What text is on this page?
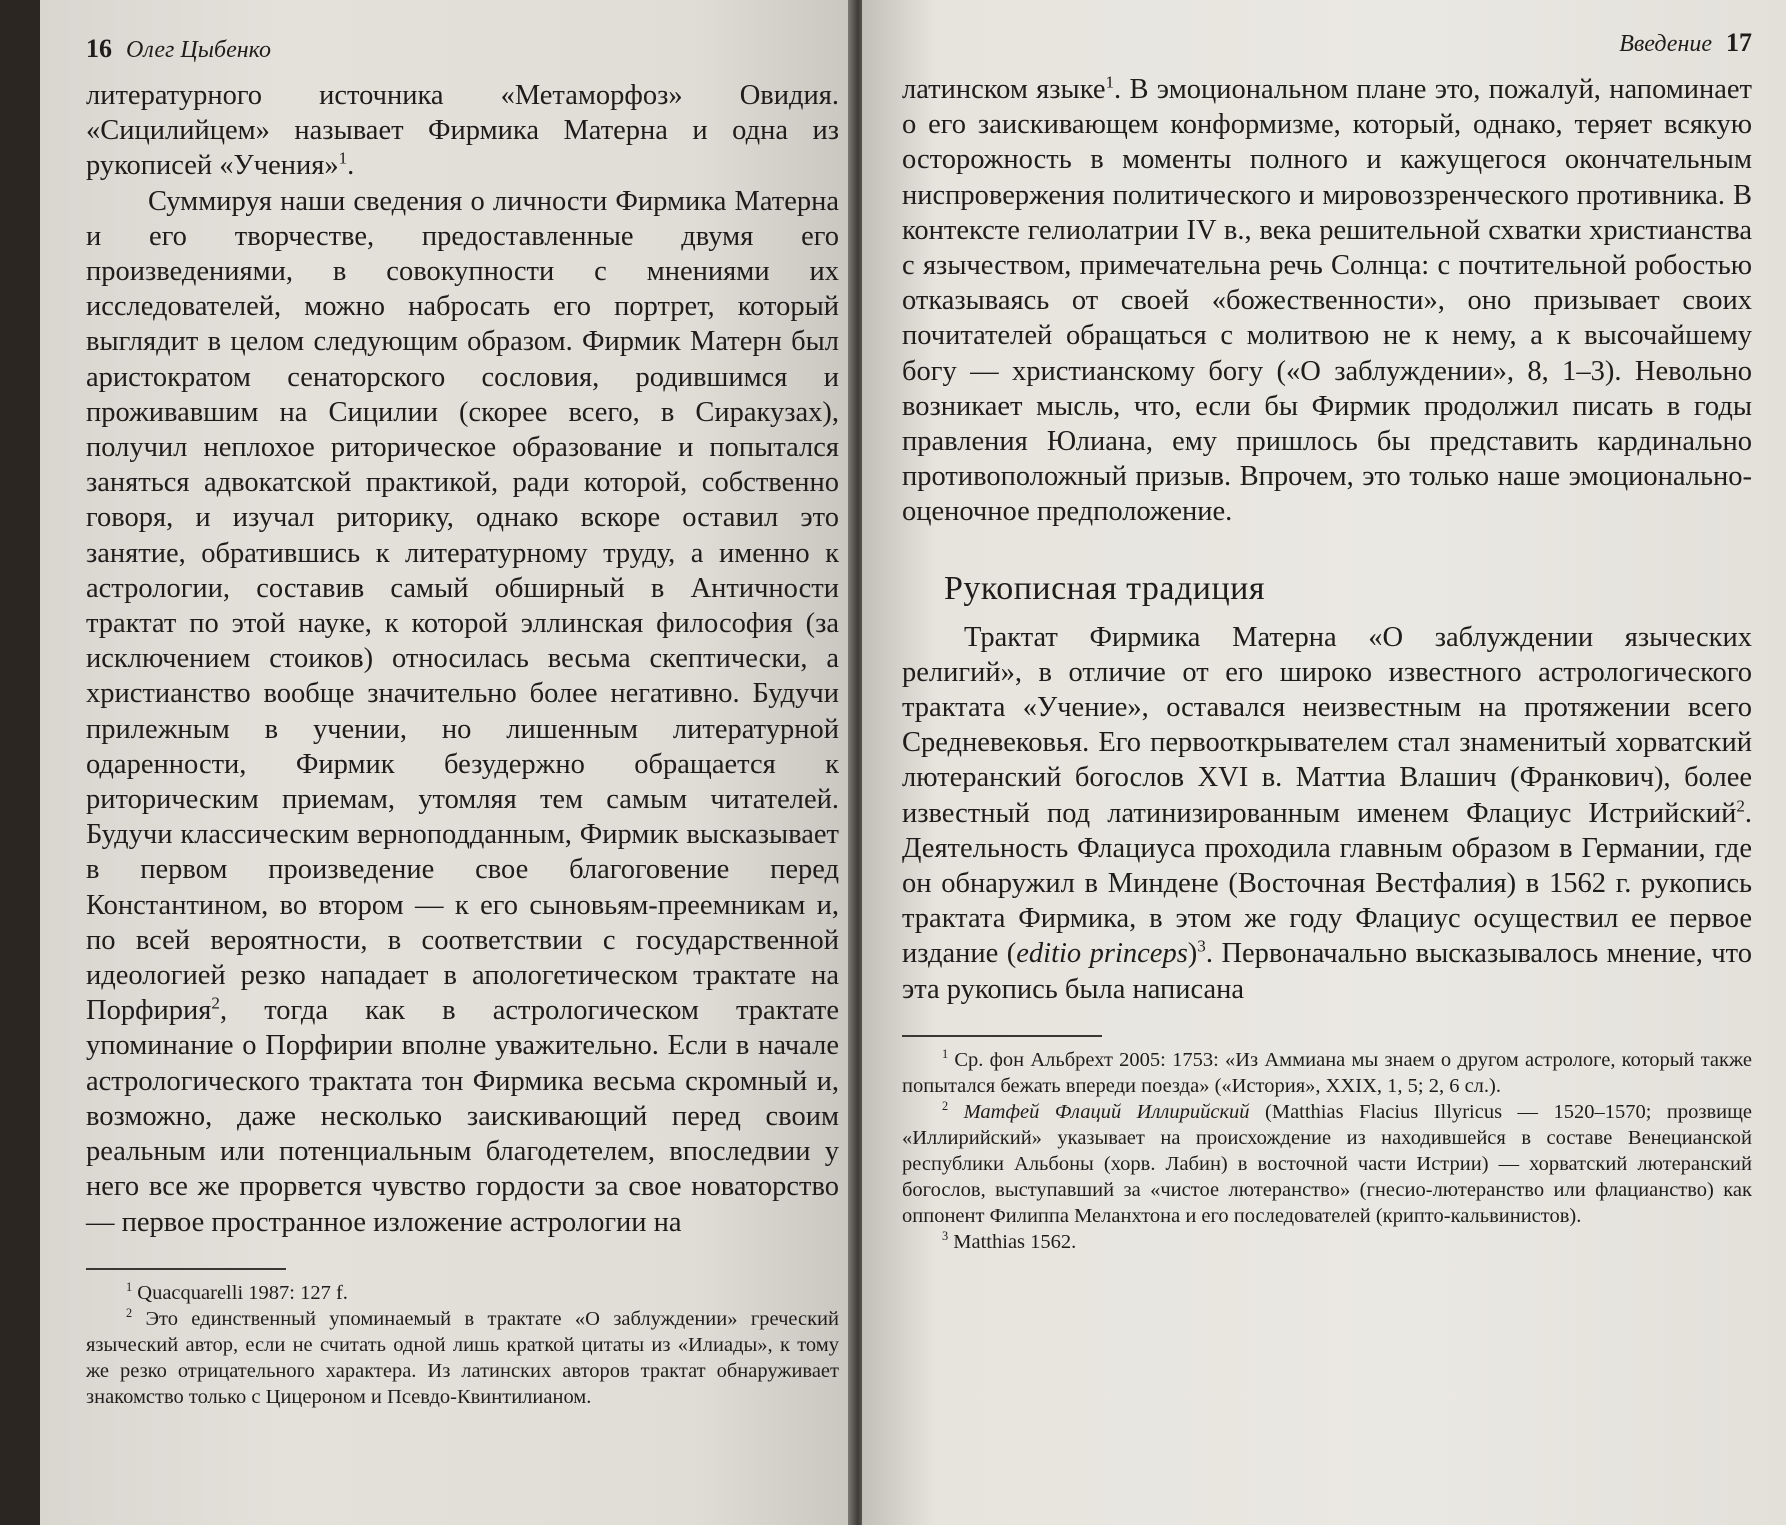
16 Олег Цыбенко

литературного источника «Метаморфоз» Овидия. «Сицилийцем» называет Фирмика Матерна и одна из рукописей «Учения»$^1$.

Суммируя наши сведения о личности Фирмика Матерна и его творчестве, предоставленные двумя его произведениями, в совокупности с мнениями их исследователей, можно набросать его портрет, который выглядит в целом следующим образом. Фирмик Матерн был аристократом сенаторского сословия, родившимся и проживавшим на Сицилии (скорее всего, в Сиракузах), получил неплохое риторическое образование и попытался заняться адвокатской практикой, ради которой, собственно говоря, и изучал риторику, однако вскоре оставил это занятие, обратившись к литературному труду, а именно к астрологии, составив самый обширный в Античности трактат по этой науке, к которой эллинская философия (за исключением стоиков) относилась весьма скептически, а христианство вообще значительно более негативно. Будучи прилежным в учении, но лишенным литературной одаренности, Фирмик безудержно обращается к риторическим приемам, утомляя тем самым читателей. Будучи классическим верноподданным, Фирмик высказывает в первом произведение свое благоговение перед Константином, во втором — к его сыновьям-преемникам и, по всей вероятности, в соответствии с государственной идеологией резко нападает в апологетическом трактате на Порфирия$^2$, тогда как в астрологическом трактате упоминание о Порфирии вполне уважительно. Если в начале астрологического трактата тон Фирмика весьма скромный и, возможно, даже несколько заискивающий перед своим реальным или потенциальным благодетелем, впоследвии у него все же прорвется чувство гордости за свое новаторство — первое пространное изложение астрологии на

$^1$ Quacquarelli 1987: 127 f.

$^2$ Это единственный упоминаемый в трактате «О заблуждении» греческий языческий автор, если не считать одной лишь краткой цитаты из «Илиады», к тому же резко отрицательного характера. Из латинских авторов трактат обнаруживает знакомство только с Цицероном и Псевдо-Квинтилианом.

Введение 17

латинском языке$^1$. В эмоциональном плане это, пожалуй, напоминает о его заискивающем конформизме, который, однако, теряет всякую осторожность в моменты полного и кажущегося окончательным ниспровержения политического и мировоззренческого противника. В контексте гелиолатрии IV в., века решительной схватки христианства с язычеством, примечательна речь Солнца: с почтительной робостью отказываясь от своей «божественности», оно призывает своих почитателей обращаться с молитвою не к нему, а к высочайшему богу — христианскому богу («О заблуждении», 8, 1–3). Невольно возникает мысль, что, если бы Фирмик продолжил писать в годы правления Юлиана, ему пришлось бы представить кардинально противоположный призыв. Впрочем, это только наше эмоционально-оценочное предположение.

Рукописная традиция

Трактат Фирмика Матерна «О заблуждении языческих религий», в отличие от его широко известного астрологического трактата «Учение», оставался неизвестным на протяжении всего Средневековья. Его первооткрывателем стал знаменитый хорватский лютеранский богослов XVI в. Маттиа Влашич (Франкович), более известный под латинизированным именем Флациус Истрийский$^2$. Деятельность Флациуса проходила главным образом в Германии, где он обнаружил в Миндене (Восточная Вестфалия) в 1562 г. рукопись трактата Фирмика, в этом же году Флациус осуществил ее первое издание (editio princeps)$^3$. Первоначально высказывалось мнение, что эта рукопись была написана

$^1$ Ср. фон Альбрехт 2005: 1753: «Из Аммиана мы знаем о другом астрологе, который также попытался бежать впереди поезда» («История», XXIX, 1, 5; 2, 6 сл.).

$^2$ Матфей Флаций Иллирийский (Matthias Flacius Illyricus — 1520–1570; прозвище «Иллирийский» указывает на происхождение из находившейся в составе Венецианской республики Альбоны (хорв. Лабин) в восточной части Истрии) — хорватский лютеранский богослов, выступавший за «чистое лютеранство» (гнесио-лютеранство или флацианство) как оппонент Филиппа Меланхтона и его последователей (крипто-кальвинистов).

$^3$ Matthias 1562.
